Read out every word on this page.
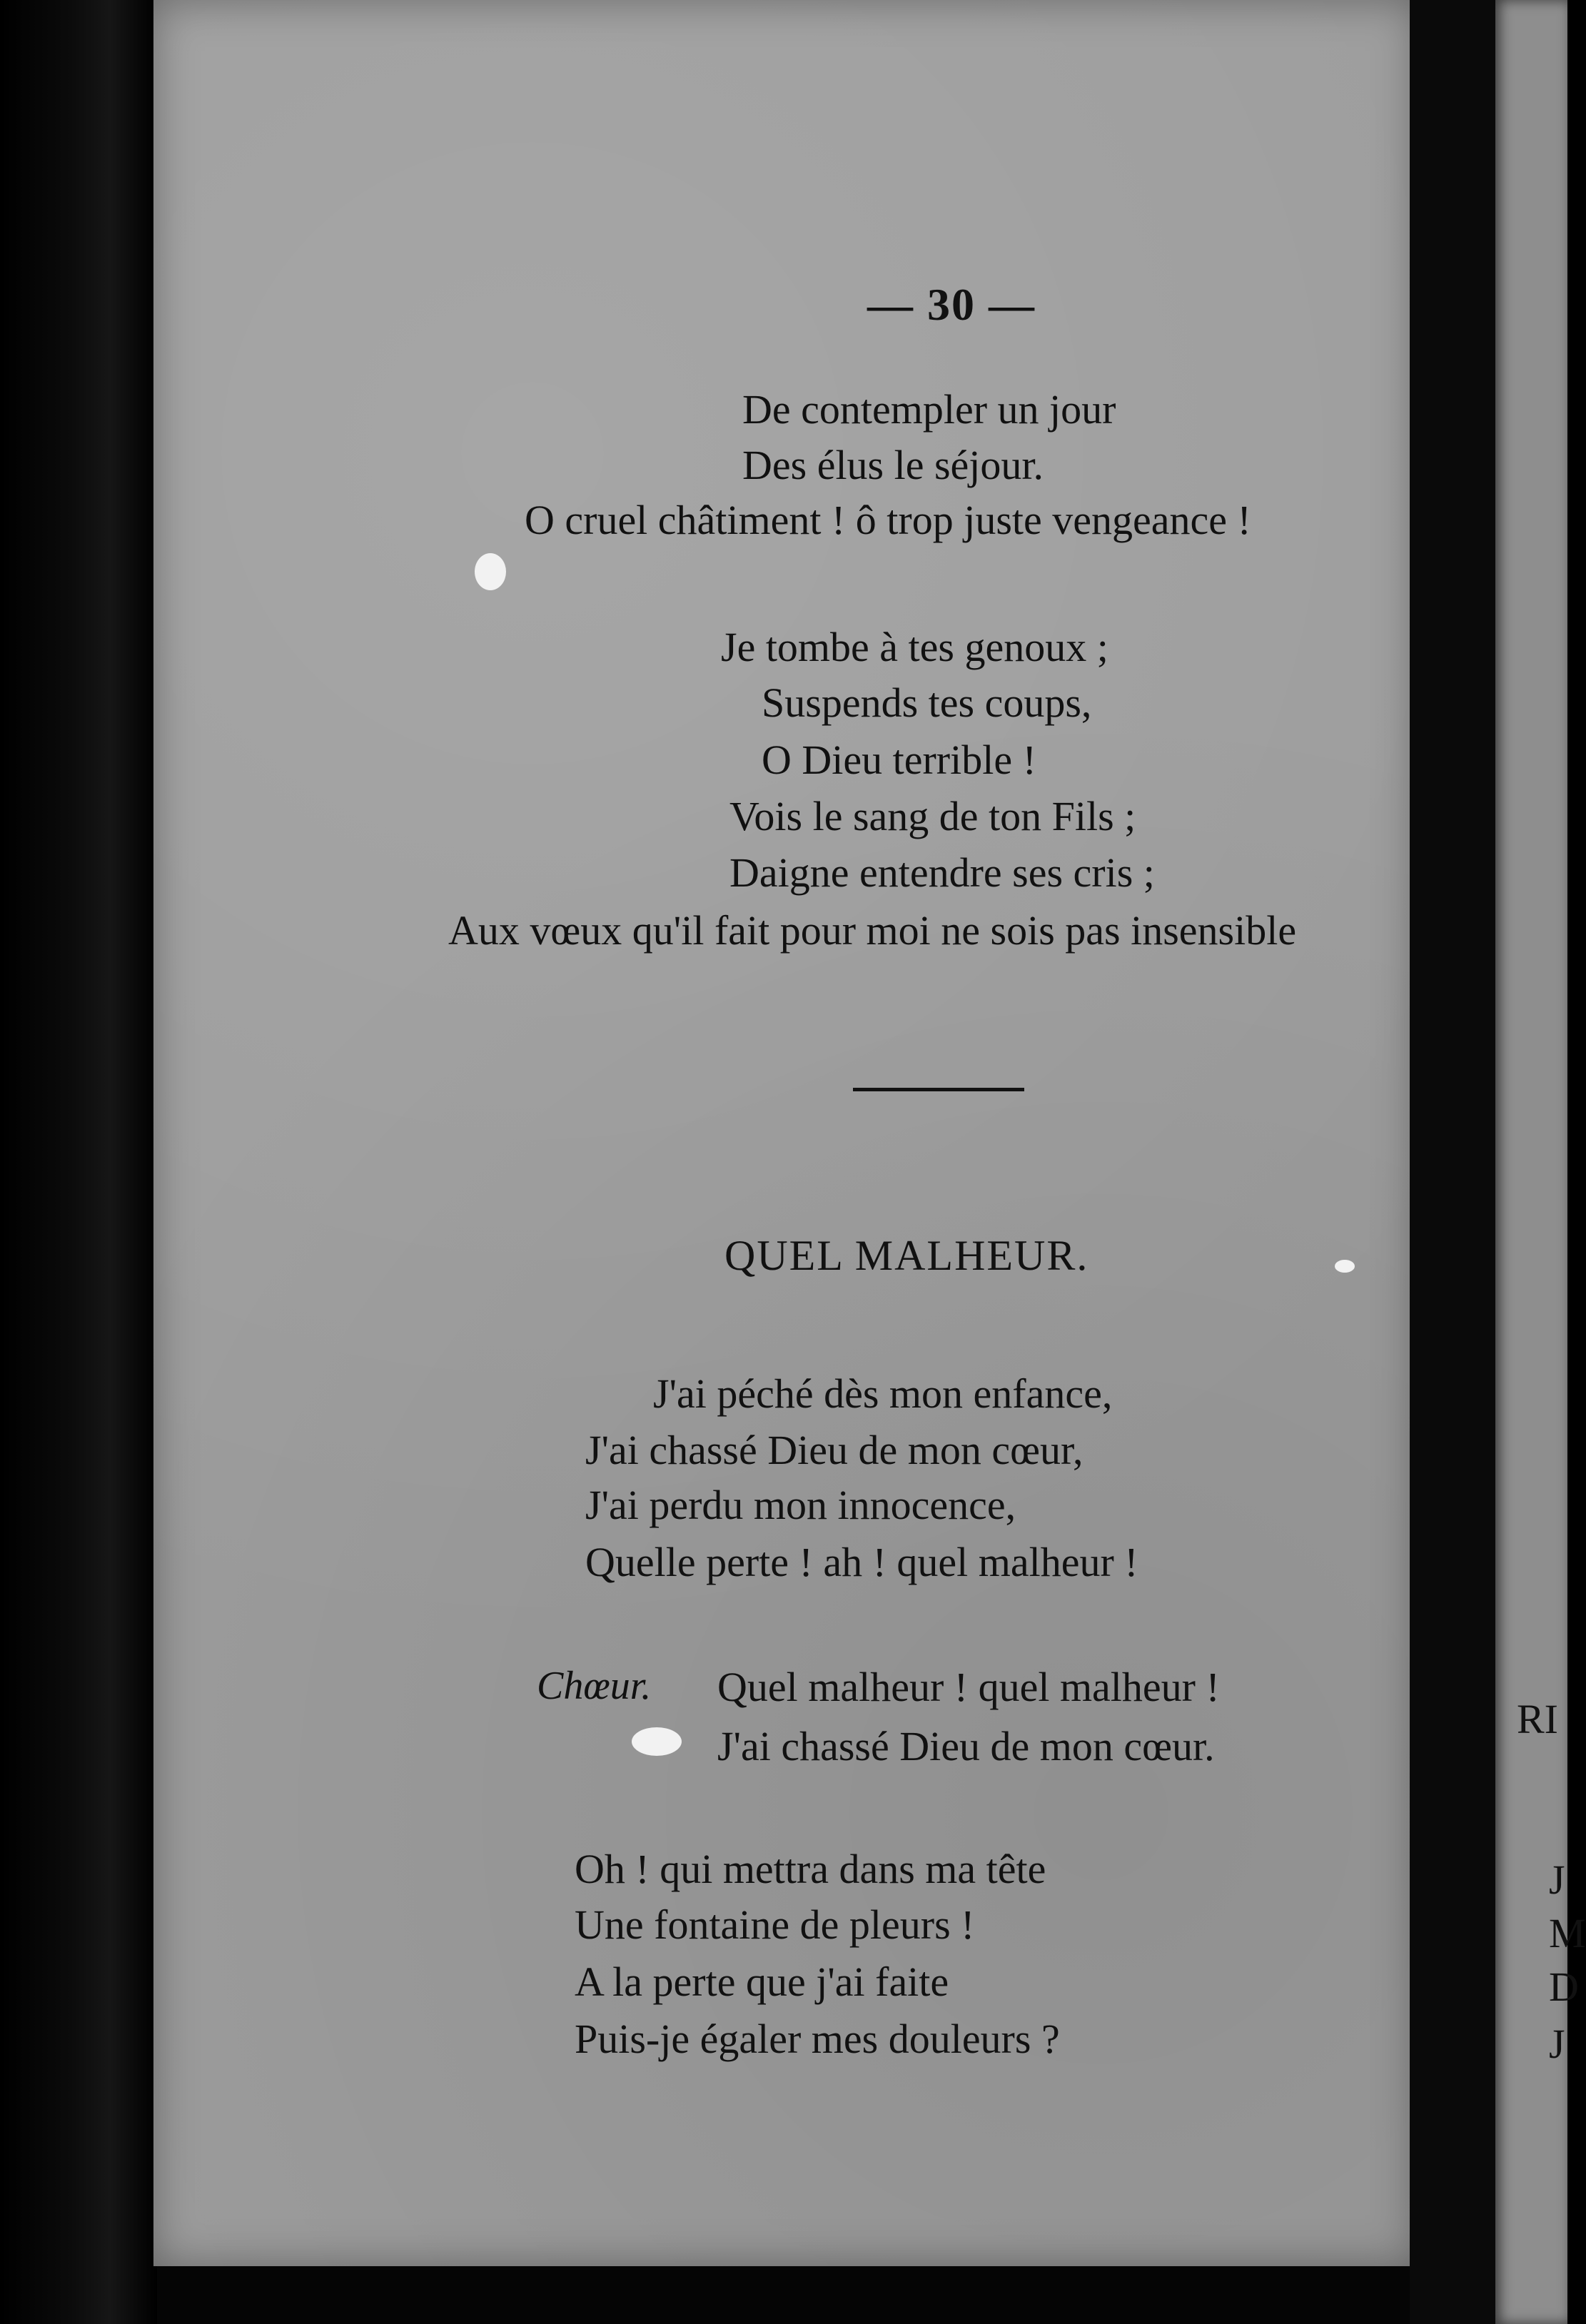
— 30 —
De contempler un jour
Des élus le séjour.
O cruel châtiment ! ô trop juste vengeance !
Je tombe à tes genoux ;
Suspends tes coups,
O Dieu terrible !
Vois le sang de ton Fils ;
Daigne entendre ses cris ;
Aux vœux qu'il fait pour moi ne sois pas insensible
QUEL MALHEUR.
J'ai péché dès mon enfance,
J'ai chassé Dieu de mon cœur,
J'ai perdu mon innocence,
Quelle perte ! ah ! quel malheur !
Chœur. Quel malheur ! quel malheur !
J'ai chassé Dieu de mon cœur.
Oh ! qui mettra dans ma tête
Une fontaine de pleurs !
A la perte que j'ai faite
Puis-je égaler mes douleurs ?
RI
J
M
D
J
